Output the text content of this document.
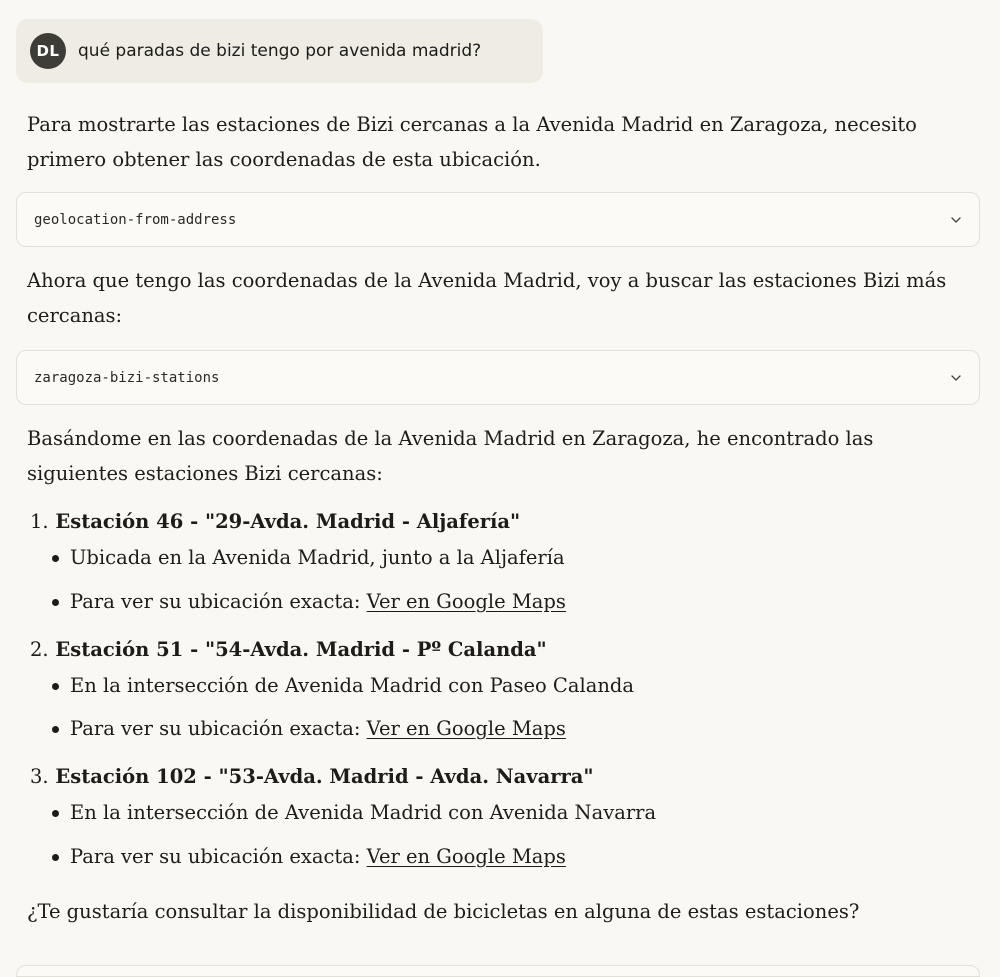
DL	qué paradas de bizi tengo por avenida madrid?

Para mostrarte las estaciones de Bizi cercanas a la Avenida Madrid en Zaragoza, necesito primero obtener las coordenadas de esta ubicación.

geolocation-from-address

Ahora que tengo las coordenadas de la Avenida Madrid, voy a buscar las estaciones Bizi más cercanas:

zaragoza-bizi-stations

Basándome en las coordenadas de la Avenida Madrid en Zaragoza, he encontrado las siguientes estaciones Bizi cercanas:

1. Estación 46 - "29-Avda. Madrid - Aljafería"
Ubicada en la Avenida Madrid, junto a la Aljafería
Para ver su ubicación exacta: Ver en Google Maps
2. Estación 51 - "54-Avda. Madrid - Pº Calanda"
En la intersección de Avenida Madrid con Paseo Calanda
Para ver su ubicación exacta: Ver en Google Maps
3. Estación 102 - "53-Avda. Madrid - Avda. Navarra"
En la intersección de Avenida Madrid con Avenida Navarra
Para ver su ubicación exacta: Ver en Google Maps

¿Te gustaría consultar la disponibilidad de bicicletas en alguna de estas estaciones?
